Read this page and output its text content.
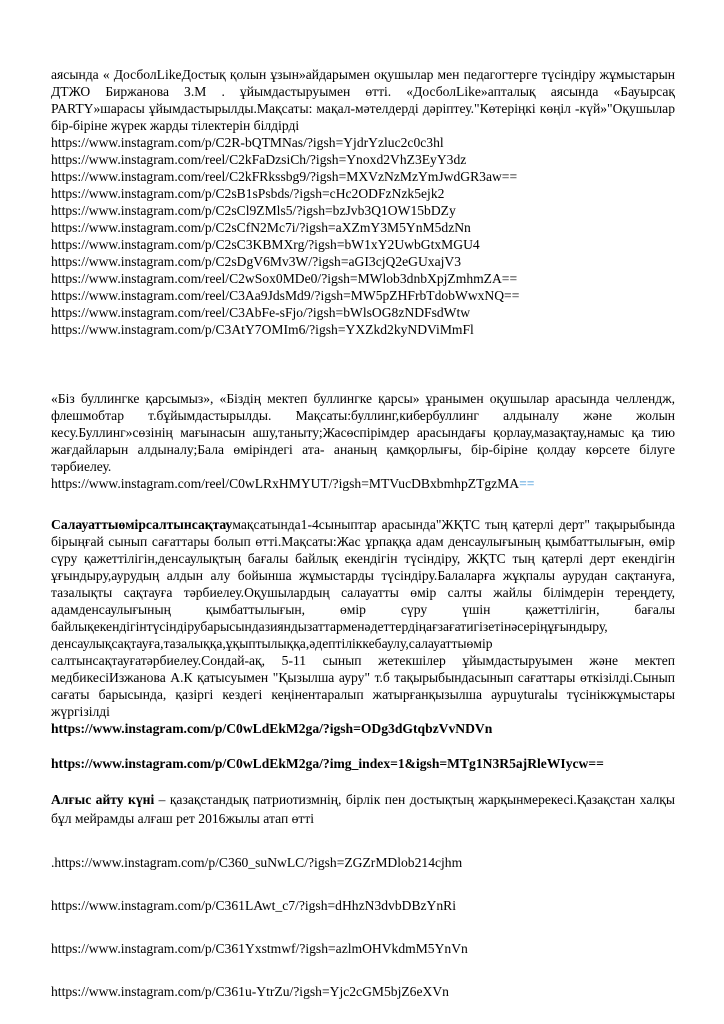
аясында « ДосболLikeДостық қолын ұзын»айдарымен оқушылар мен педагогтерге түсіндіру жұмыстарын ДТЖО Биржанова З.М . ұйымдастыруымен өтті. «ДосболLike»апталық аясында «Бауырсақ PARTY»шарасы ұйымдастырылды.Мақсаты: мақал-мәтелдерді дәріптеу."Көтеріңкі көңіл -күй»"Оқушылар бір-біріне жүрек жарды тілектерін білдірді

https://www.instagram.com/p/C2R-bQTMNas/?igsh=YjdrYzluc2c0c3hl

https://www.instagram.com/reel/C2kFaDzsiCh/?igsh=Ynoxd2VhZ3EyY3dz

https://www.instagram.com/reel/C2kFRkssbg9/?igsh=MXVzNzMzYmJwdGR3aw==

https://www.instagram.com/p/C2sB1sPsbds/?igsh=cHc2ODFzNzk5ejk2

https://www.instagram.com/p/C2sCl9ZMls5/?igsh=bzJvb3Q1OW15bDZy

https://www.instagram.com/p/C2sCfN2Mc7i/?igsh=aXZmY3M5YnM5dzNn

https://www.instagram.com/p/C2sC3KBMXrg/?igsh=bW1xY2UwbGtxMGU4

https://www.instagram.com/p/C2sDgV6Mv3W/?igsh=aGI3cjQ2eGUxajV3

https://www.instagram.com/reel/C2wSox0MDe0/?igsh=MWlob3dnbXpjZmhmZA==

https://www.instagram.com/reel/C3Aa9JdsMd9/?igsh=MW5pZHFrbTdobWwxNQ==

https://www.instagram.com/reel/C3AbFe-sFjo/?igsh=bWlsOG8zNDFsdWtw

https://www.instagram.com/p/C3AtY7OMIm6/?igsh=YXZkd2kyNDViMmFl

«Біз буллингке қарсымыз», «Біздің мектеп буллингке қарсы» ұранымен оқушылар арасында челлендж, флешмобтар т.бұйымдастырылды. Мақсаты:буллинг,кибербуллинг алдыналу және жолын кесу.Буллинг»сөзінің мағынасын ашу,таныту;Жасөспірімдер арасындағы қорлау,мазақтау,намыс қа тию жағдайларын алдыналу;Бала өміріндегі ата- ананың қамқорлығы, бір-біріне қолдау көрсете білуге тәрбиелеу.

https://www.instagram.com/reel/C0wLRxHMYUT/?igsh=MTVucDBxbmhpZTgzMA==

Салауаттыөмірсалтынсақтаумақсатында1-4сыныптар арасында"ЖҚТС тың қатерлі дерт" тақырыбында бірыңғай сынып сағаттары болып өтті.Мақсаты:Жас ұрпаққа адам денсаулығының қымбаттылығын, өмір сүру қажеттілігін,денсаулықтың бағалы байлық екендігін түсіндіру, ЖҚТС тың қатерлі дерт екендігін ұғындыру,аурудың алдын алу бойынша жұмыстарды түсіндіру.Балаларға жұқпалы аурудан сақтануға, тазалықты сақтауға тәрбиелеу.Оқушылардың салауатты өмір салты жайлы білімдерін тереңдету, адамденсаулығының қымбаттылығын, өмір сүру үшін қажеттілігін, бағалы байлықекендігінтүсіндірубарысындазияндызаттарменәдеттердіңағзағатигізетінәсеріңұғындыру, денсаулықсақтауға,тазалыққа,ұқыптылыққа,әдептіліккебаулу,салауаттыөмір салтынсақтауғатәрбиелеу.Сондай-ақ, 5-11 сынып жетекшілер ұйымдастыруымен және мектеп медбикесіИзжанова А.К қатысуымен "Қызылша ауру" т.б тақырыбындасынып сағаттары өткізілді.Сынып сағаты барысында, қазіргі кездегі кеңінентаралып жатырғанқызылша аурuyturalы түсінікжұмыстары жүргізілді

https://www.instagram.com/p/C0wLdEkM2ga/?igsh=ODg3dGtqbzVvNDVn

https://www.instagram.com/p/C0wLdEkM2ga/?img_index=1&igsh=MTg1N3R5ajRleWIycw==

Алғыс айту күні – қазақстандық патриотизмнің, бірлік пен достықтың жарқынмерекесі.Қазақстан халқы бұл мейрамды алғаш рет 2016жылы атап өтті

.https://www.instagram.com/p/C360_suNwLC/?igsh=ZGZrMDlob214cjhm

https://www.instagram.com/p/C361LAwt_c7/?igsh=dHhzN3dvbDBzYnRi

https://www.instagram.com/p/C361Yxstmwf/?igsh=azlmOHVkdmM5YnVn

https://www.instagram.com/p/C361u-YtrZu/?igsh=Yjc2cGM5bjZ6eXVn
